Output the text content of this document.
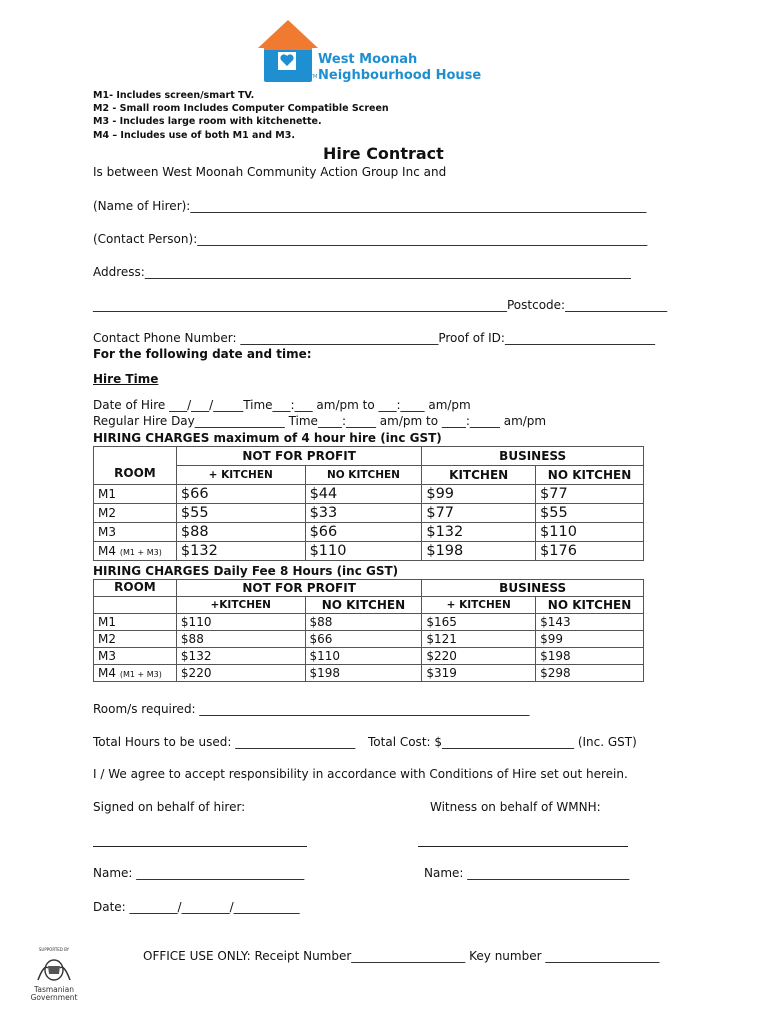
West Moonah
TM Neighbourhood House
M1- Includes screen/smart TV.
M2 - Small room Includes Computer Compatible Screen
M3 - Includes large room with kitchenette.
M4 – Includes use of both M1 and M3.
Hire Contract
Is between West Moonah Community Action Group Inc and
(Name of Hirer):____________________________________________________________________________
(Contact Person):___________________________________________________________________________
Address:_________________________________________________________________________________
_____________________________________________________________________Postcode:_________________
Contact Phone Number: _________________________________Proof of ID:_________________________
For the following date and time:
Hire Time
Date of Hire ___/___/_____Time___:___ am/pm to ___:____ am/pm
Regular Hire Day_______________ Time____:_____ am/pm to ____:_____ am/pm
HIRING CHARGES maximum of 4 hour hire (inc GST)
ROOM	NOT FOR PROFIT		BUSINESS	
	+ KITCHEN	NO KITCHEN	KITCHEN	NO KITCHEN
M1	$66	$44	$99	$77
M2	$55	$33	$77	$55
M3	$88	$66	$132	$110
M4 (M1 + M3)	$132	$110	$198	$176
HIRING CHARGES Daily Fee 8 Hours (inc GST)
ROOM	NOT FOR PROFIT		BUSINESS	
	+KITCHEN	NO KITCHEN	+ KITCHEN	NO KITCHEN
M1	$110	$88	$165	$143
M2	$88	$66	$121	$99
M3	$132	$110	$220	$198
M4 (M1 + M3)	$220	$198	$319	$298
Room/s required: _______________________________________________________
Total Hours to be used: ____________________ Total Cost: $______________________ (Inc. GST)
I / We agree to accept responsibility in accordance with Conditions of Hire set out herein.
Signed on behalf of hirer:	Witness on behalf of WMNH:
Name: ____________________________	Name: ___________________________
Date: ________/________/___________
OFFICE USE ONLY: Receipt Number___________________ Key number ___________________
SUPPORTED BY
Tasmanian
Government
